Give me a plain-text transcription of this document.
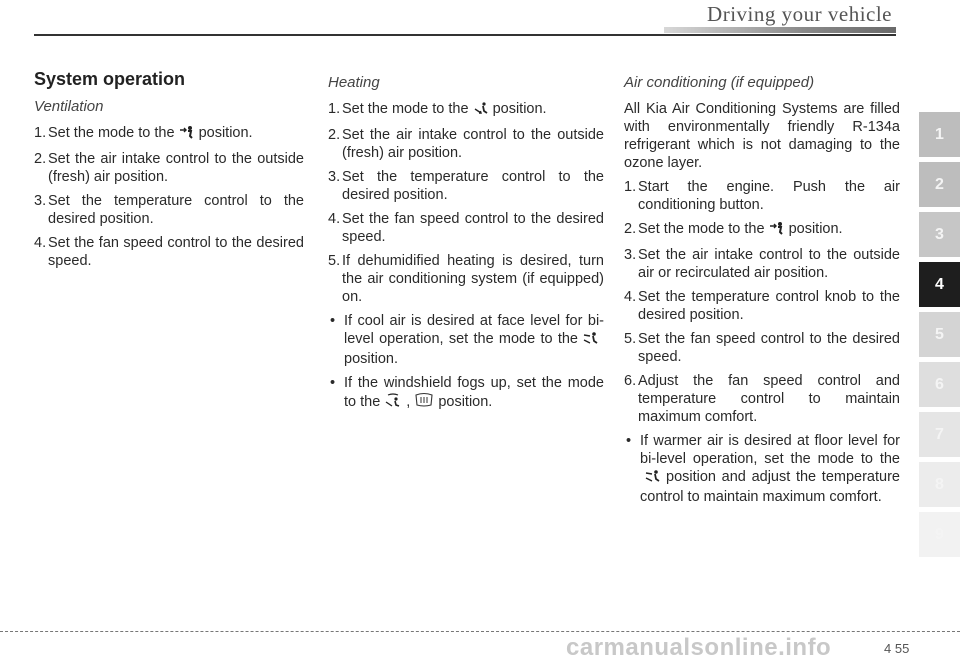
Driving your vehicle
System operation
Ventilation
1. Set the mode to the position.
2. Set the air intake control to the outside (fresh) air position.
3. Set the temperature control to the desired position.
4. Set the fan speed control to the desired speed.
Heating
1. Set the mode to the position.
2. Set the air intake control to the outside (fresh) air position.
3. Set the temperature control to the desired position.
4. Set the fan speed control to the desired speed.
5. If dehumidified heating is desired, turn the air conditioning system (if equipped) on.
• If cool air is desired at face level for bi-level operation, set the mode to theposition.
• If the windshield fogs up, set the mode to the , position.
Air conditioning (if equipped)
All Kia Air Conditioning Systems are filled with environmentally friendly R-134a refrigerant which is not damaging to the ozone layer.
1. Start the engine. Push the air conditioning button.
2. Set the mode to the position.
3. Set the air intake control to the outside air or recirculated air position.
4. Set the temperature control knob to the desired position.
5. Set the fan speed control to the desired speed.
6. Adjust the fan speed control and temperature control to maintain maximum comfort.
• If warmer air is desired at floor level for bi-level operation, set the mode to theposition and adjust the temperature control to maintain maximum comfort.
1
2
3
4
5
6
7
8
9
carmanualsonline.info	4 55
